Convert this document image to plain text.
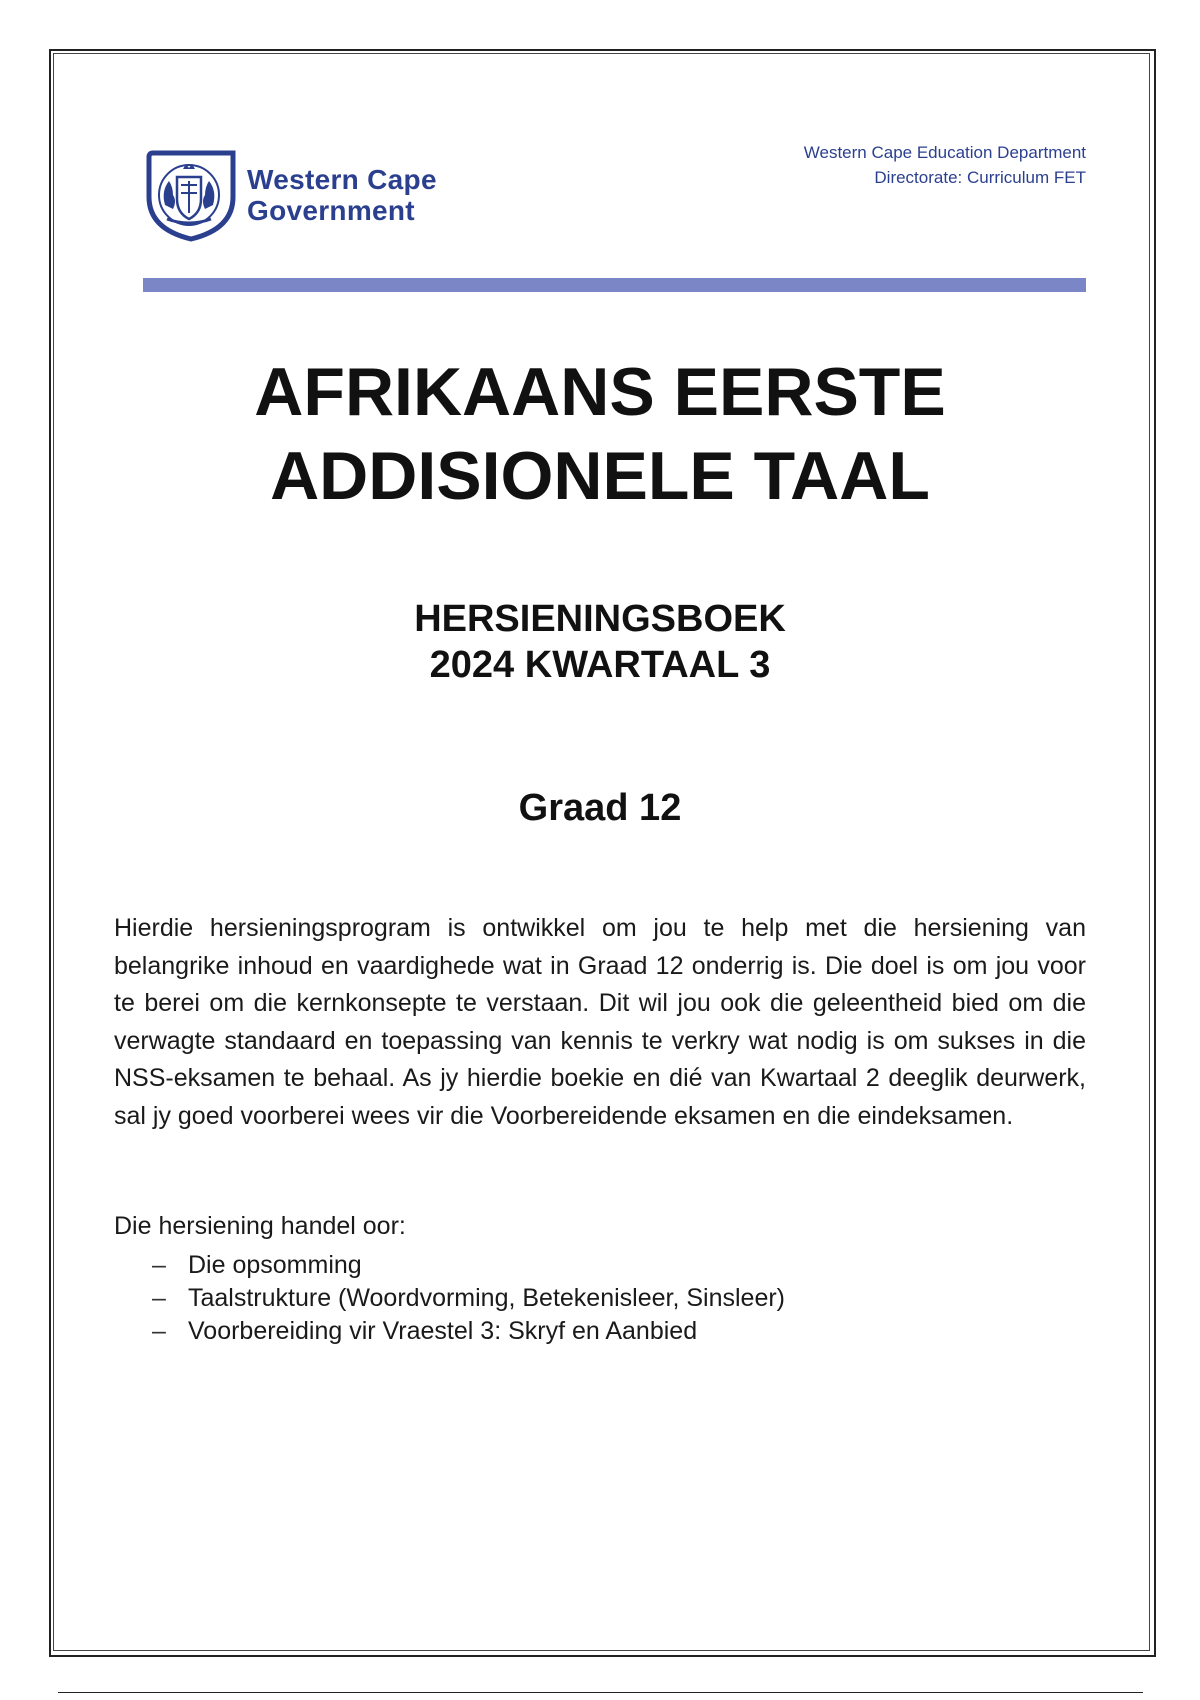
Western Cape
Government
Western Cape Education Department
Directorate: Curriculum FET
AFRIKAANS EERSTE
ADDISIONELE TAAL
HERSIENINGSBOEK
2024 KWARTAAL 3
Graad 12

Hierdie hersieningsprogram is ontwikkel om jou te help met die hersiening van belangrike inhoud en vaardighede wat in Graad 12 onderrig is. Die doel is om jou voor te berei om die kernkonsepte te verstaan. Dit wil jou ook die geleentheid bied om die verwagte standaard en toepassing van kennis te verkry wat nodig is om sukses in die NSS-eksamen te behaal. As jy hierdie boekie en dié van Kwartaal 2 deeglik deurwerk, sal jy goed voorberei wees vir die Voorbereidende eksamen en die eindeksamen.

Die hersiening handel oor:

– Die opsomming
– Taalstrukture (Woordvorming, Betekenisleer, Sinsleer)
– Voorbereiding vir Vraestel 3: Skryf en Aanbied
